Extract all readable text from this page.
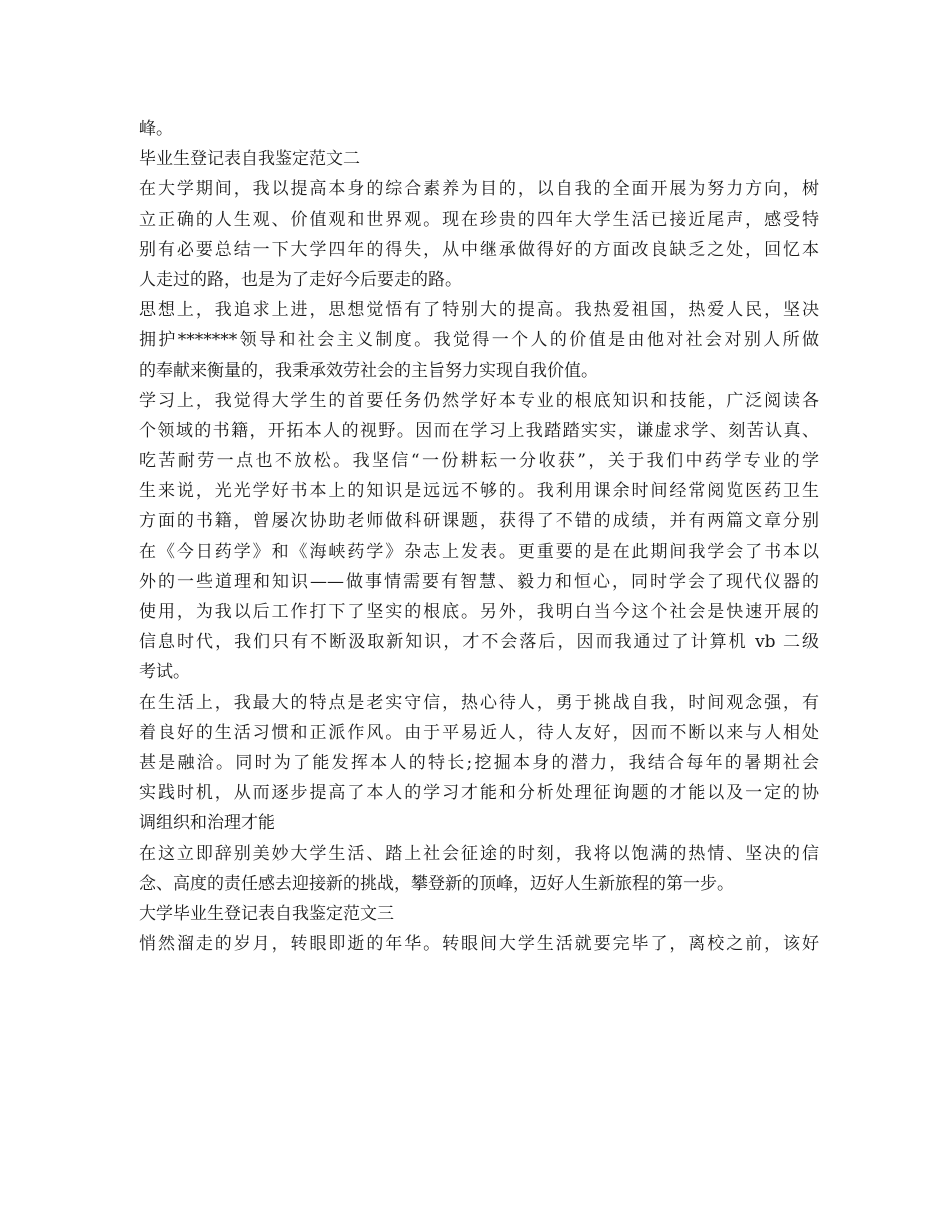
峰。
毕业生登记表自我鉴定范文二
在大学期间，我以提高本身的综合素养为目的，以自我的全面开展为努力方向，树
立正确的人生观、价值观和世界观。现在珍贵的四年大学生活已接近尾声，感受特
别有必要总结一下大学四年的得失，从中继承做得好的方面改良缺乏之处，回忆本
人走过的路，也是为了走好今后要走的路。
思想上，我追求上进，思想觉悟有了特别大的提高。我热爱祖国，热爱人民，坚决
拥护*******领导和社会主义制度。我觉得一个人的价值是由他对社会对别人所做
的奉献来衡量的，我秉承效劳社会的主旨努力实现自我价值。
学习上，我觉得大学生的首要任务仍然学好本专业的根底知识和技能，广泛阅读各
个领域的书籍，开拓本人的视野。因而在学习上我踏踏实实，谦虚求学、刻苦认真、
吃苦耐劳一点也不放松。我坚信“一份耕耘一分收获”，关于我们中药学专业的学
生来说，光光学好书本上的知识是远远不够的。我利用课余时间经常阅览医药卫生
方面的书籍，曾屡次协助老师做科研课题，获得了不错的成绩，并有两篇文章分别
在《今日药学》和《海峡药学》杂志上发表。更重要的是在此期间我学会了书本以
外的一些道理和知识——做事情需要有智慧、毅力和恒心，同时学会了现代仪器的
使用，为我以后工作打下了坚实的根底。另外，我明白当今这个社会是快速开展的
信息时代，我们只有不断汲取新知识，才不会落后，因而我通过了计算机 vb 二级
考试。
在生活上，我最大的特点是老实守信，热心待人，勇于挑战自我，时间观念强，有
着良好的生活习惯和正派作风。由于平易近人，待人友好，因而不断以来与人相处
甚是融洽。同时为了能发挥本人的特长;挖掘本身的潜力，我结合每年的暑期社会
实践时机，从而逐步提高了本人的学习才能和分析处理征询题的才能以及一定的协
调组织和治理才能
在这立即辞别美妙大学生活、踏上社会征途的时刻，我将以饱满的热情、坚决的信
念、高度的责任感去迎接新的挑战，攀登新的顶峰，迈好人生新旅程的第一步。
大学毕业生登记表自我鉴定范文三
悄然溜走的岁月，转眼即逝的年华。转眼间大学生活就要完毕了，离校之前，该好
